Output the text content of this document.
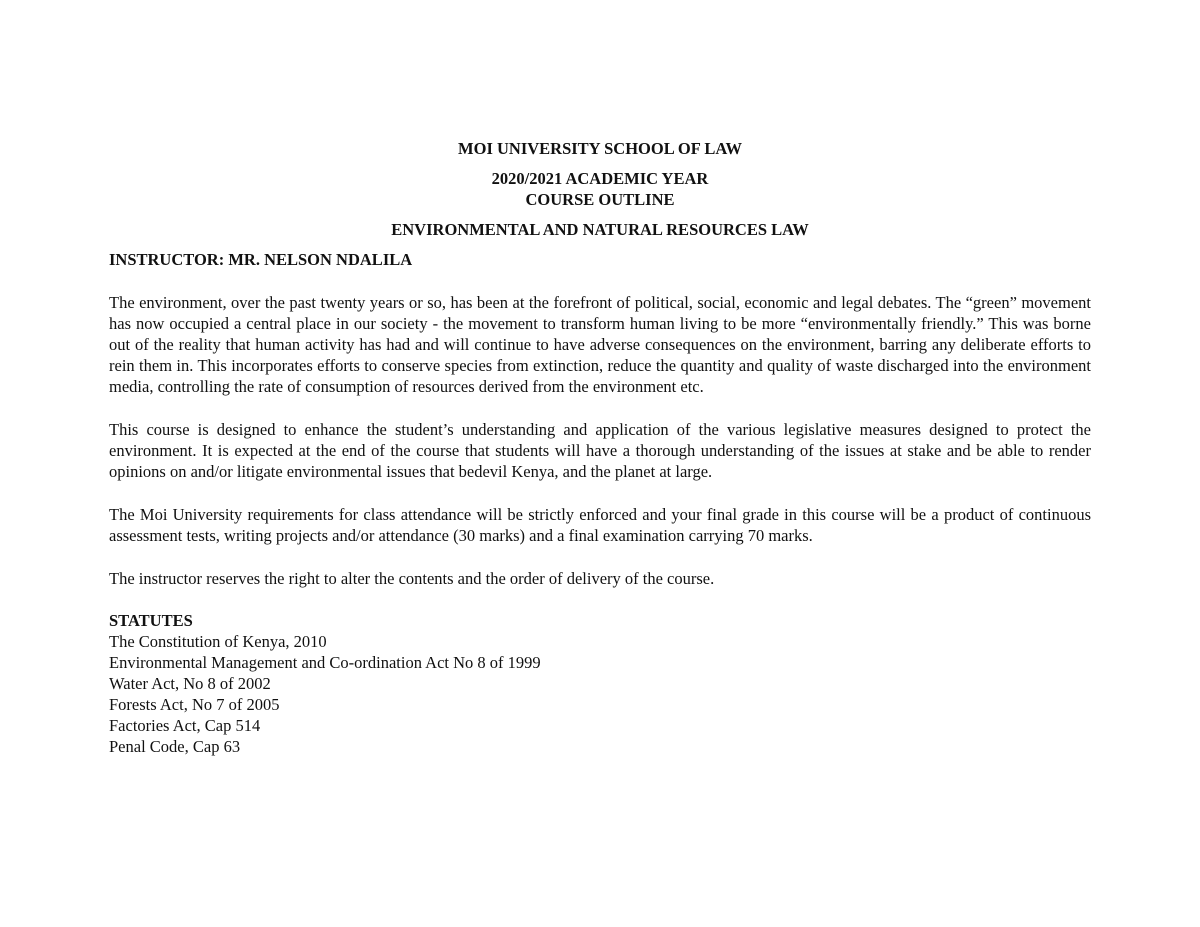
MOI UNIVERSITY SCHOOL OF LAW
2020/2021 ACADEMIC YEAR
COURSE OUTLINE
ENVIRONMENTAL AND NATURAL RESOURCES LAW
INSTRUCTOR: MR. NELSON NDALILA

The environment, over the past twenty years or so, has been at the forefront of political, social, economic and legal debates. The “green” movement has now occupied a central place in our society - the movement to transform human living to be more “environmentally friendly.” This was borne out of the reality that human activity has had and will continue to have adverse consequences on the environment, barring any deliberate efforts to rein them in. This incorporates efforts to conserve species from extinction, reduce the quantity and quality of waste discharged into the environment media, controlling the rate of consumption of resources derived from the environment etc.

This course is designed to enhance the student’s understanding and application of the various legislative measures designed to protect the environment. It is expected at the end of the course that students will have a thorough understanding of the issues at stake and be able to render opinions on and/or litigate environmental issues that bedevil Kenya, and the planet at large.

The Moi University requirements for class attendance will be strictly enforced and your final grade in this course will be a product of continuous assessment tests, writing projects and/or attendance (30 marks) and a final examination carrying 70 marks.

The instructor reserves the right to alter the contents and the order of delivery of the course.

STATUTES
The Constitution of Kenya, 2010
Environmental Management and Co-ordination Act No 8 of 1999
Water Act, No 8 of 2002
Forests Act, No 7 of 2005
Factories Act, Cap 514
Penal Code, Cap 63
